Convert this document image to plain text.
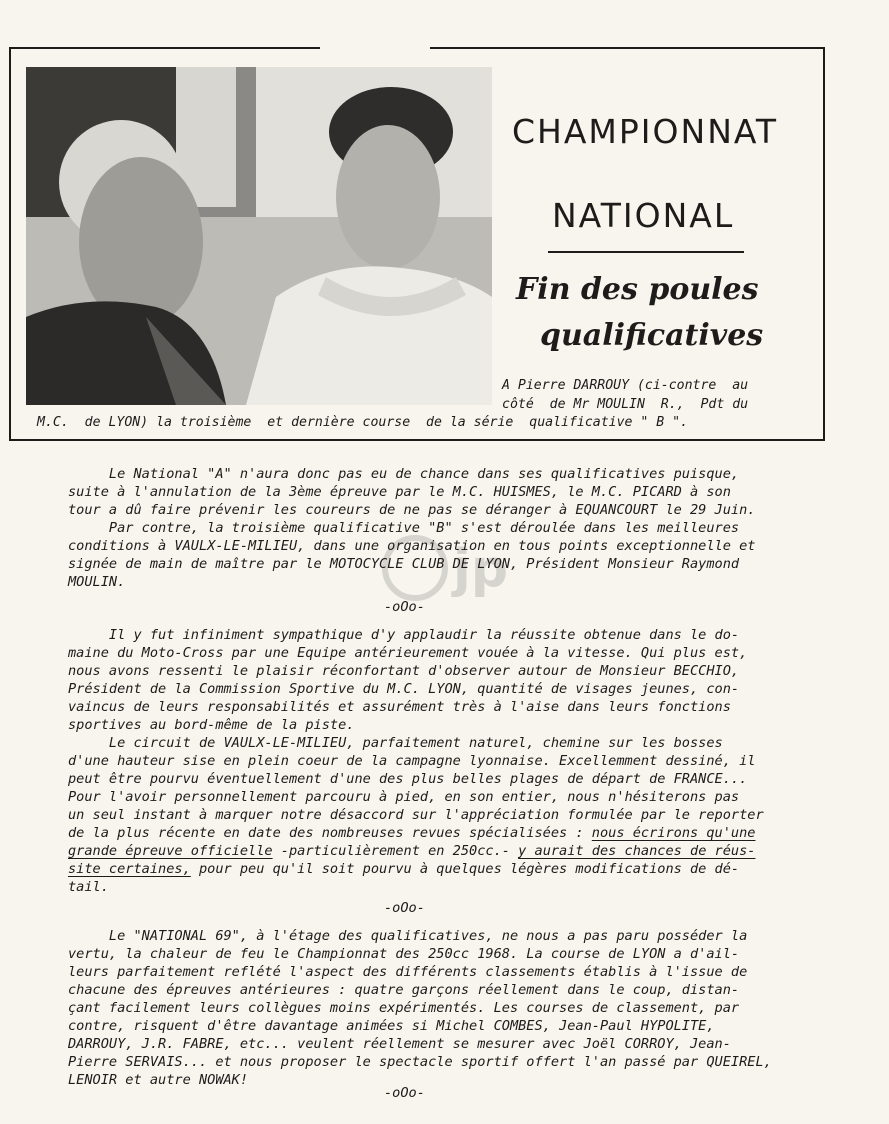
CHAMPIONNAT
NATIONAL
Fin des poules
qualificatives
A Pierre DARROUY (ci-contre  au
côté  de Mr MOULIN  R.,  Pdt du
M.C.  de LYON) la troisième  et dernière course  de la série  qualificative " B ".
jp
Le National "A" n'aura donc pas eu de chance dans ses qualificatives puisque,
suite à l'annulation de la 3ème épreuve par le M.C. HUISMES, le M.C. PICARD à son
tour a dû faire prévenir les coureurs de ne pas se déranger à EQUANCOURT le 29 Juin.
Par contre, la troisième qualificative "B" s'est déroulée dans les meilleures
conditions à VAULX-LE-MILIEU, dans une organisation en tous points exceptionnelle et
signée de main de maître par le MOTOCYCLE CLUB DE LYON, Président Monsieur Raymond
MOULIN.
-oOo-
Il y fut infiniment sympathique d'y applaudir la réussite obtenue dans le do-
maine du Moto-Cross par une Equipe antérieurement vouée à la vitesse. Qui plus est,
nous avons ressenti le plaisir réconfortant d'observer autour de Monsieur BECCHIO,
Président de la Commission Sportive du M.C. LYON, quantité de visages jeunes, con-
vaincus de leurs responsabilités et assurément très à l'aise dans leurs fonctions
sportives au bord-même de la piste.
Le circuit de VAULX-LE-MILIEU, parfaitement naturel, chemine sur les bosses
d'une hauteur sise en plein coeur de la campagne lyonnaise. Excellemment dessiné, il
peut être pourvu éventuellement d'une des plus belles plages de départ de FRANCE...
Pour l'avoir personnellement parcouru à pied, en son entier, nous n'hésiterons pas
un seul instant à marquer notre désaccord sur l'appréciation formulée par le reporter
de la plus récente en date des nombreuses revues spécialisées : nous écrirons qu'une
grande épreuve officielle -particulièrement en 250cc.- y aurait des chances de réus-
site certaines, pour peu qu'il soit pourvu à quelques légères modifications de dé-
tail.
-oOo-
Le "NATIONAL 69", à l'étage des qualificatives, ne nous a pas paru posséder la
vertu, la chaleur de feu le Championnat des 250cc 1968. La course de LYON a d'ail-
leurs parfaitement reflété l'aspect des différents classements établis à l'issue de
chacune des épreuves antérieures : quatre garçons réellement dans le coup, distan-
çant facilement leurs collègues moins expérimentés. Les courses de classement, par
contre, risquent d'être davantage animées si Michel COMBES, Jean-Paul HYPOLITE,
DARROUY, J.R. FABRE, etc... veulent réellement se mesurer avec Joël CORROY, Jean-
Pierre SERVAIS... et nous proposer le spectacle sportif offert l'an passé par QUEIREL,
LENOIR et autre NOWAK!
-oOo-
